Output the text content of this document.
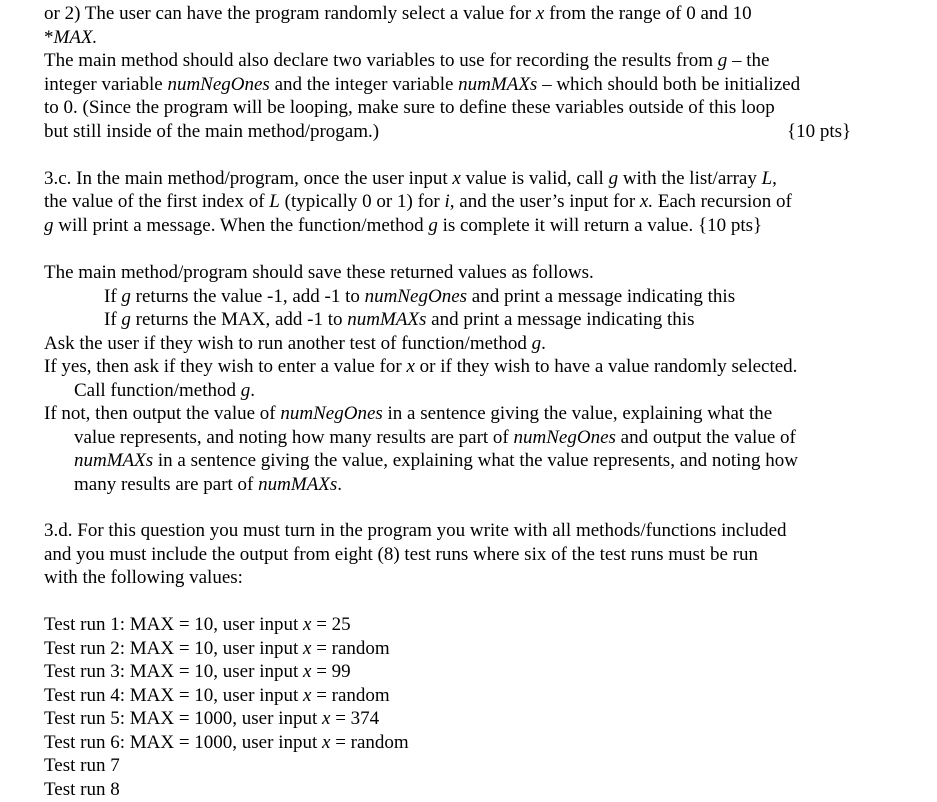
or 2) The user can have the program randomly select a value for x from the range of 0 and 10
*MAX.
The main method should also declare two variables to use for recording the results from g – the
integer variable numNegOnes and the integer variable numMAXs – which should both be initialized
to 0. (Since the program will be looping, make sure to define these variables outside of this loop
but still inside of the main method/progam.)	{10 pts}
3.c. In the main method/program, once the user input x value is valid, call g with the list/array L,
the value of the first index of L (typically 0 or 1) for i, and the user’s input for x. Each recursion of
g will print a message. When the function/method g is complete it will return a value. {10 pts}
The main method/program should save these returned values as follows.
If g returns the value -1, add -1 to numNegOnes and print a message indicating this
If g returns the MAX, add -1 to numMAXs and print a message indicating this
Ask the user if they wish to run another test of function/method g.
If yes, then ask if they wish to enter a value for x or if they wish to have a value randomly selected.
Call function/method g.
If not, then output the value of numNegOnes in a sentence giving the value, explaining what the
value represents, and noting how many results are part of numNegOnes and output the value of
numMAXs in a sentence giving the value, explaining what the value represents, and noting how
many results are part of numMAXs.
3.d. For this question you must turn in the program you write with all methods/functions included
and you must include the output from eight (8) test runs where six of the test runs must be run
with the following values:
Test run 1: MAX = 10, user input x = 25
Test run 2: MAX = 10, user input x = random
Test run 3: MAX = 10, user input x = 99
Test run 4: MAX = 10, user input x = random
Test run 5: MAX = 1000, user input x = 374
Test run 6: MAX = 1000, user input x = random
Test run 7
Test run 8
